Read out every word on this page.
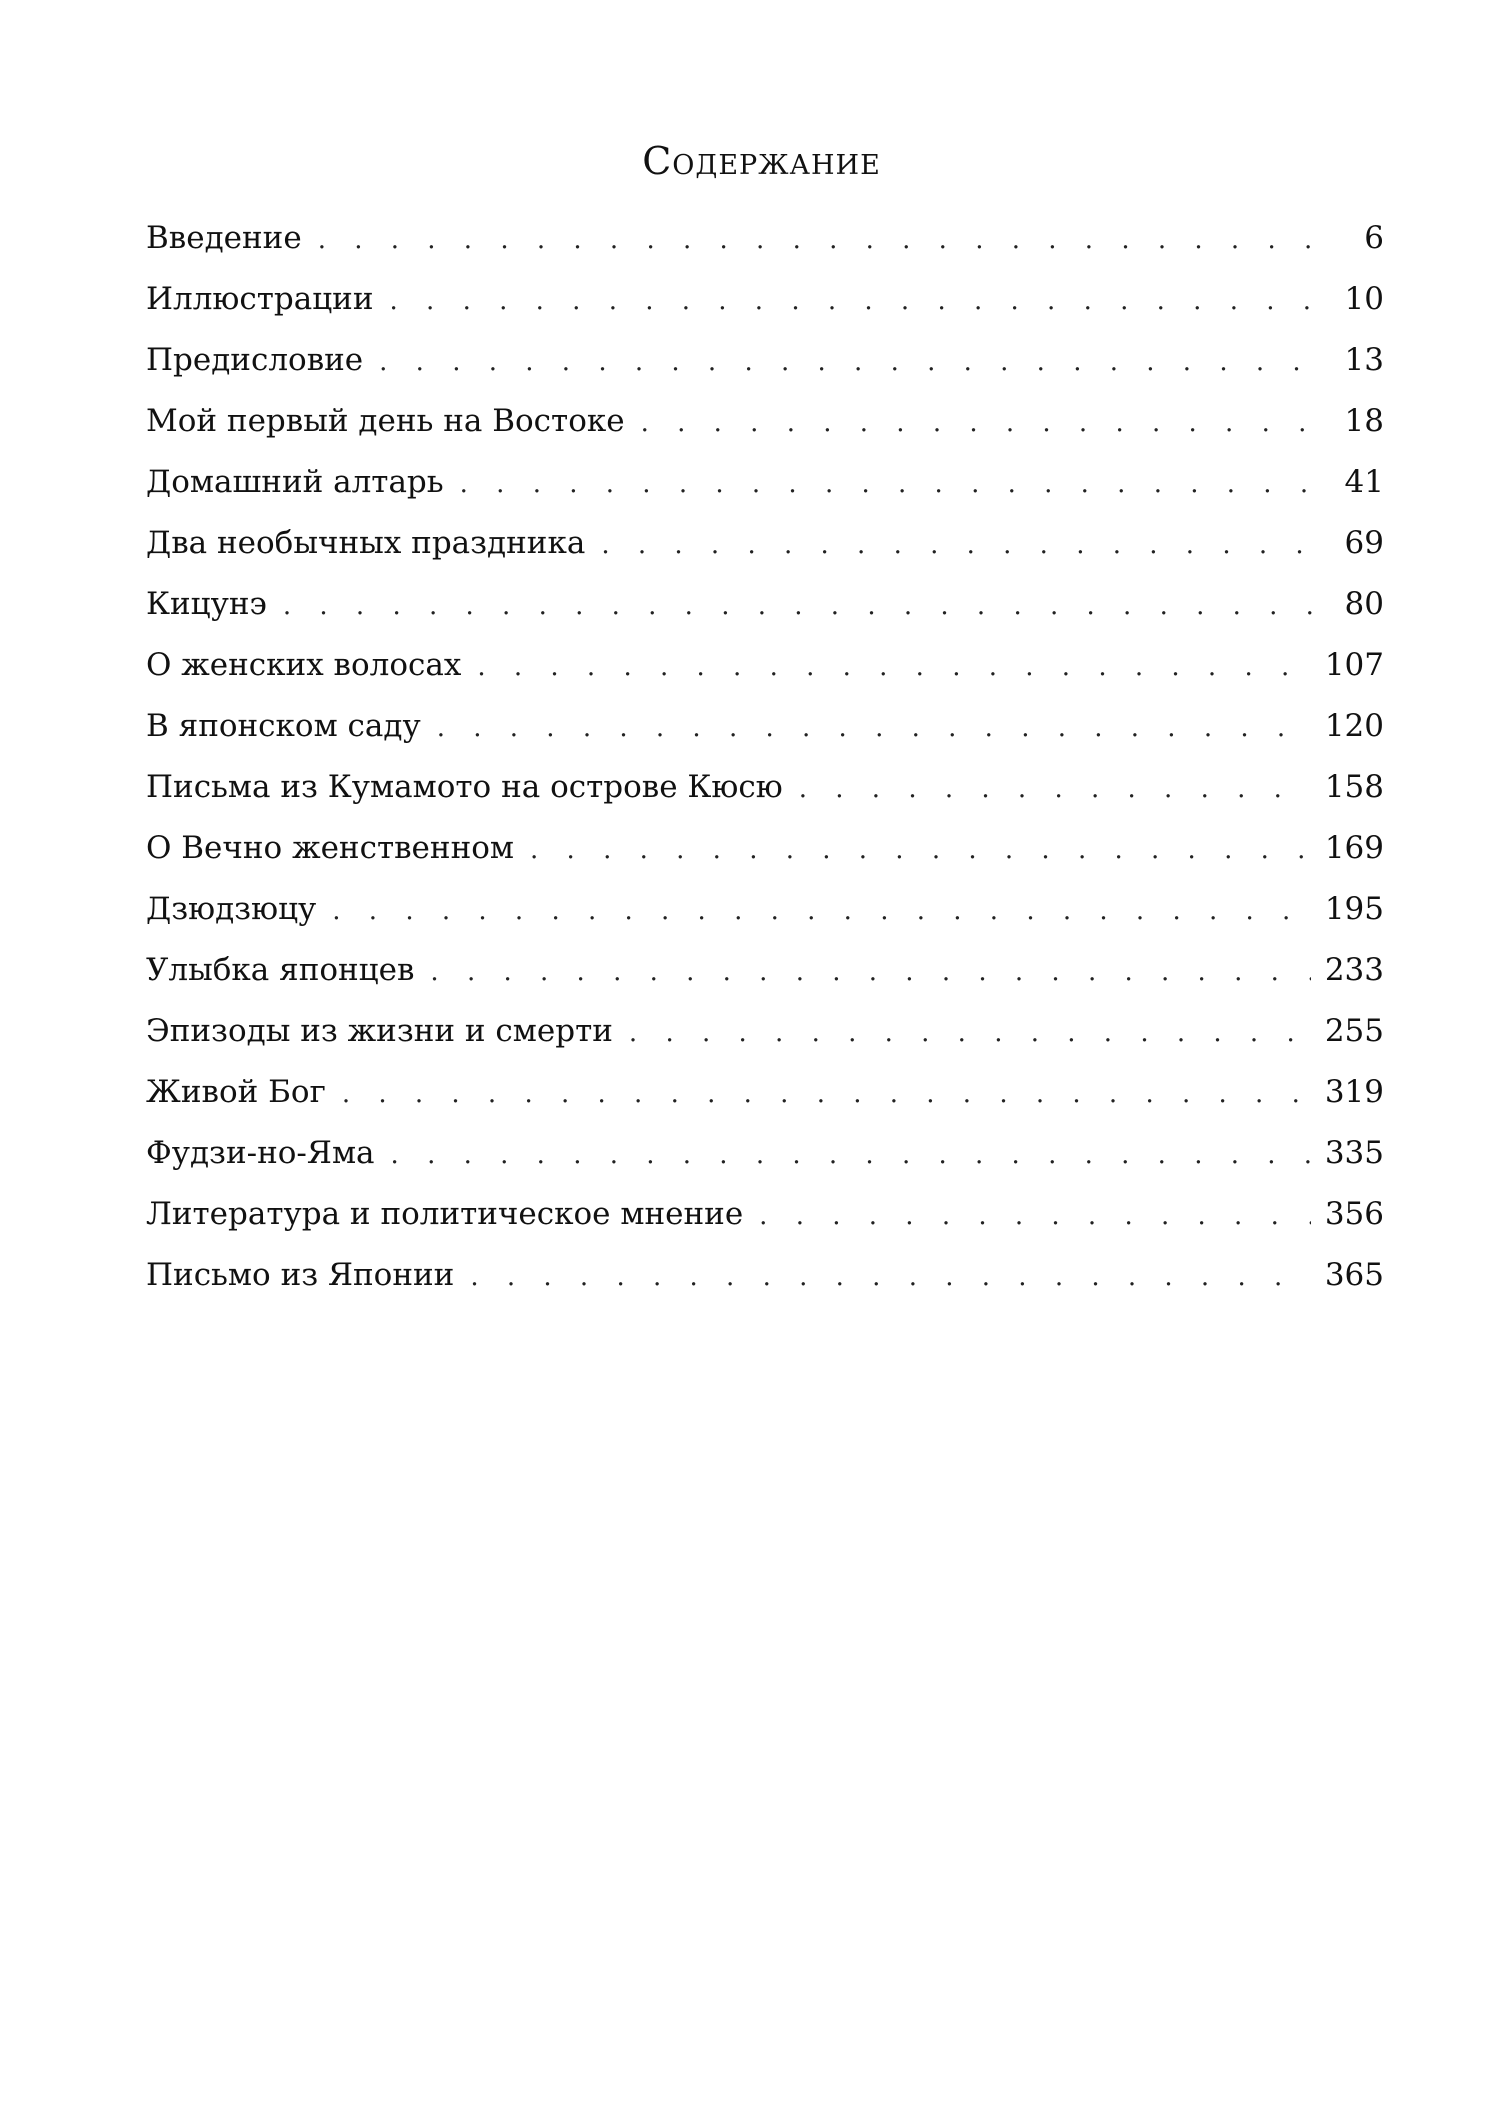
Содержание
Введение . . .	6
Иллюстрации . . .	10
Предисловие . . .	13
Мой первый день на Востоке . . .	18
Домашний алтарь . . .	41
Два необычных праздника . . .	69
Кицунэ . . .	80
О женских волосах . . .	107
В японском саду . . .	120
Письма из Кумамото на острове Кюсю . . .	158
О Вечно женственном . . .	169
Дзюдзюцу . . .	195
Улыбка японцев . . .	233
Эпизоды из жизни и смерти . . .	255
Живой Бог . . .	319
Фудзи-но-Яма . . .	335
Литература и политическое мнение . . .	356
Письмо из Японии . . .	365
